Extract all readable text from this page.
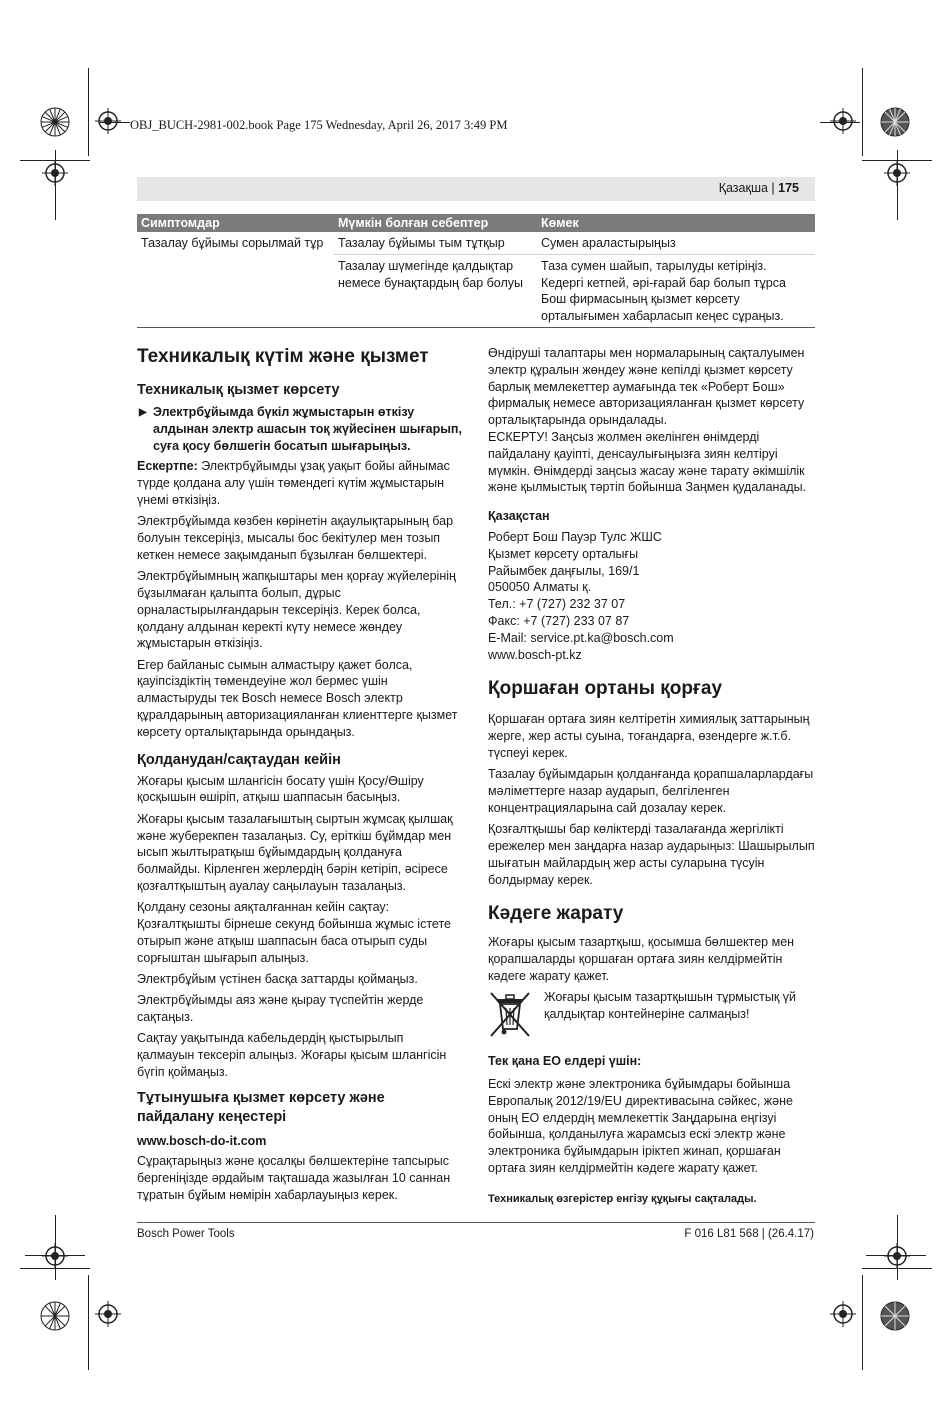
OBJ_BUCH-2981-002.book Page 175 Wednesday, April 26, 2017 3:49 PM
Қазақша | 175
Симптомдар	Мүмкін болған себептер	Көмек
Тазалау бұйымы сорылмай тұр	Тазалау бұйымы тым тұтқыр	Сумен араластырыңыз
	Тазалау шүмегінде қалдықтар немесе бунақтардың бар болуы	Таза сумен шайып, тарылуды кетіріңіз. Кедергі кетпей, әрі-ғарай бар болып тұрса Бош фирмасының қызмет көрсету орталығымен хабарласып кеңес сұраңыз.

Техникалық күтім және қызмет

Техникалық қызмет көрсету

▶ Электрбұйымда бүкіл жұмыстарын өткізу алдынан электр ашасын тоқ жүйесінен шығарып, суға қосу бөлшегін босатып шығарыңыз.

Ескертпе: Электрбұйымды ұзақ уақыт бойы айнымас түрде қолдана алу үшін төмендегі күтім жұмыстарын үнемі өткізіңіз.

Электрбұйымда көзбен көрінетін ақаулықтарының бар болуын тексеріңіз, мысалы бос бекітулер мен тозып кеткен немесе зақымданып бұзылған бөлшектері.

Электрбұйымның жапқыштары мен қорғау жүйелерінің бұзылмаған қалыпта болып, дұрыс орналастырылғандарын тексеріңіз. Керек болса, қолдану алдынан керекті күту немесе жөндеу жұмыстарын өткізіңіз.

Егер байланыс сымын алмастыру қажет болса, қауіпсіздіктің төмендеуіне жол бермес үшін алмастыруды тек Bosch немесе Bosch электр құралдарының авторизацияланған клиенттерге қызмет көрсету орталықтарында орындаңыз.

Қолданудан/сақтаудан кейін

Жоғары қысым шлангісін босату үшін Қосу/Өшіру қосқышын өшіріп, атқыш шаппасын басыңыз.

Жоғары қысым тазалағыштың сыртын жұмсақ қылшақ және жуберекпен тазалаңыз. Су, ерiткiш бұймдар мен ысып жылтыратқыш бұйымдардың қолдануға болмайды. Кірленген жерлердің бәрін кетіріп, әсіресе қозғалтқыштың ауалау саңылауын тазалаңыз.

Қолдану сезоны аяқталғаннан кейін сақтау: Қозғалтқышты бірнеше секунд бойынша жұмыс істете отырып және атқыш шаппасын баса отырып суды сорғыштан шығарып алыңыз.

Электрбұйым үстінен басқа заттарды қоймаңыз.

Электрбұйымды аяз және қырау түспейтін жерде сақтаңыз.

Сақтау уақытында кабельдердің қыстырылып қалмауын тексеріп алыңыз. Жоғары қысым шлангісін бүгіп қоймаңыз.

Тұтынушыға қызмет көрсету және пайдалану кеңестері

www.bosch-do-it.com

Сұрақтарыңыз және қосалқы бөлшектеріне тапсырыс бергеніңізде әрдайым тақташада жазылған 10 саннан тұратын бұйым нөмірін хабарлауыңыз керек.

Өндіруші талаптары мен нормаларының сақталуымен электр құралын жөндеу және кепілді қызмет көрсету барлық мемлекеттер аумағында тек «Роберт Бош» фирмалық немесе авторизацияланған қызмет көрсету орталықтарында орындалады.

ЕСКЕРТУ! Заңсыз жолмен әкелінген өнімдерді пайдалану қауіпті, денсаулығыңызға зиян келтіруі мүмкін. Өнімдерді заңсыз жасау және тарату әкімшілік және қылмыстық тәртіп бойынша Заңмен қудаланады.

Қазақстан

Роберт Бош Пауэр Тулс ЖШС
Қызмет көрсету орталығы
Райымбек даңғылы, 169/1
050050 Алматы қ.
Тел.: +7 (727) 232 37 07
Факс: +7 (727) 233 07 87
E-Mail: service.pt.ka@bosch.com
www.bosch-pt.kz

Қоршаған ортаны қорғау

Қоршаған ортаға зиян келтіретін химиялық заттарының жерге, жер асты суына, тоғандарға, өзендерге ж.т.б. түспеуі керек.

Тазалау бұйымдарын қолданғанда қорапшаларлардағы мәліметтерге назар аударып, белгіленген концентрацияларына сай дозалау керек.

Қозғалтқышы бар көліктерді тазалағанда жергілікті ережелер мен заңдарға назар аударыңыз: Шашырылып шығатын майлардың жер асты суларына түсуін болдырмау керек.

Кәдеге жарату

Жоғары қысым тазартқыш, қосымша бөлшектер мен қорапшаларды қоршаған ортаға зиян келдірмейтін кәдеге жарату қажет.

Жоғары қысым тазартқышын тұрмыстық үй қалдықтар контейнеріне салмаңыз!

Тек қана ЕО елдері үшін:

Ескі электр және электроника бұйымдары бойынша Европалық 2012/19/EU директивасына сәйкес, және оның ЕО елдердің мемлекеттік Заңдарына еңгізуі бойынша, қолданылуға жарамсыз ескі электр және электроника бұйымдарын іріктеп жинап, қоршаған ортаға зиян келдірмейтін кәдеге жарату қажет.

Техникалық өзгерістер енгізу құқығы сақталады.

Bosch Power Tools	F 016 L81 568 | (26.4.17)
